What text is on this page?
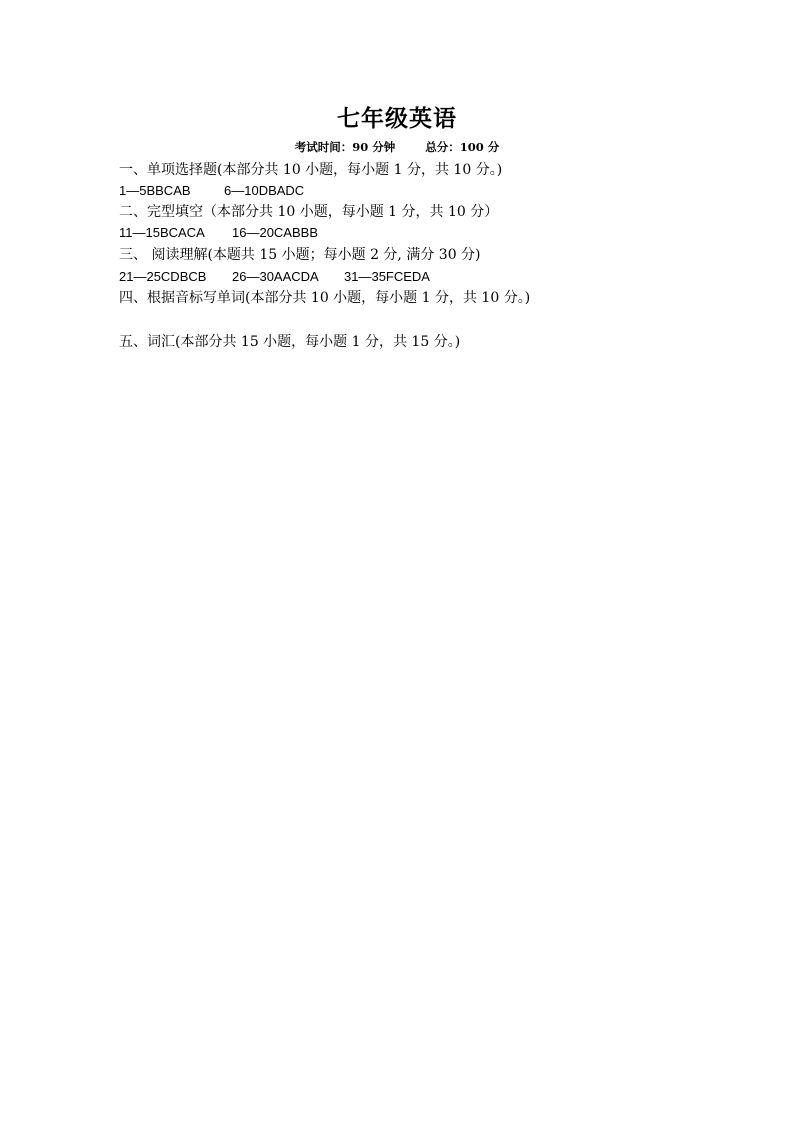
七年级英语
考试时间：90 分钟	总分：100 分
一、单项选择题(本部分共 10 小题，每小题 1 分，共 10 分。)
1—5BBCAB	6—10DBADC
二、完型填空（本部分共 10 小题，每小题 1 分，共 10 分）
11—15BCACA 16—20CABBB
三、 阅读理解(本题共 15 小题；每小题 2 分, 满分 30 分)
21—25CDBCB 26—30AACDA 31—35FCEDA
四、根据音标写单词(本部分共 10 小题，每小题 1 分，共 10 分。)
五、词汇(本部分共 15 小题，每小题 1 分，共 15 分。)
